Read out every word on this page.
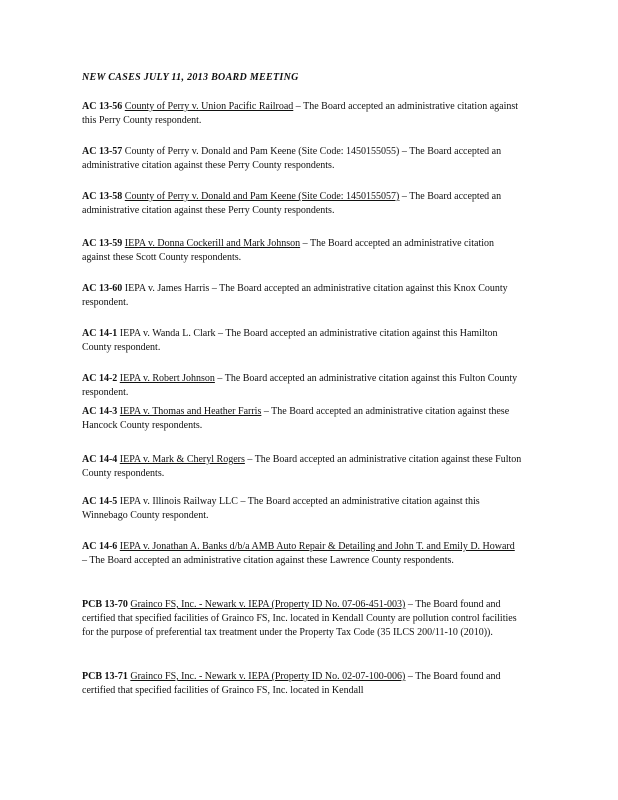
NEW CASES JULY 11, 2013 BOARD MEETING
AC 13-56 County of Perry v. Union Pacific Railroad – The Board accepted an administrative citation against this Perry County respondent.
AC 13-57 County of Perry v. Donald and Pam Keene (Site Code: 1450155055) – The Board accepted an administrative citation against these Perry County respondents.
AC 13-58 County of Perry v. Donald and Pam Keene (Site Code: 1450155057) – The Board accepted an administrative citation against these Perry County respondents.
AC 13-59 IEPA v. Donna Cockerill and Mark Johnson – The Board accepted an administrative citation against these Scott County respondents.
AC 13-60 IEPA v. James Harris – The Board accepted an administrative citation against this Knox County respondent.
AC 14-1 IEPA v. Wanda L. Clark – The Board accepted an administrative citation against this Hamilton County respondent.
AC 14-2 IEPA v. Robert Johnson – The Board accepted an administrative citation against this Fulton County respondent.
AC 14-3 IEPA v. Thomas and Heather Farris – The Board accepted an administrative citation against these Hancock County respondents.
AC 14-4 IEPA v. Mark & Cheryl Rogers – The Board accepted an administrative citation against these Fulton County respondents.
AC 14-5 IEPA v. Illinois Railway LLC – The Board accepted an administrative citation against this Winnebago County respondent.
AC 14-6 IEPA v. Jonathan A. Banks d/b/a AMB Auto Repair & Detailing and John T. and Emily D. Howard – The Board accepted an administrative citation against these Lawrence County respondents.
PCB 13-70 Grainco FS, Inc. - Newark v. IEPA (Property ID No. 07-06-451-003) – The Board found and certified that specified facilities of Grainco FS, Inc. located in Kendall County are pollution control facilities for the purpose of preferential tax treatment under the Property Tax Code (35 ILCS 200/11-10 (2010)).
PCB 13-71 Grainco FS, Inc. - Newark v. IEPA (Property ID No. 02-07-100-006) – The Board found and certified that specified facilities of Grainco FS, Inc. located in Kendall
